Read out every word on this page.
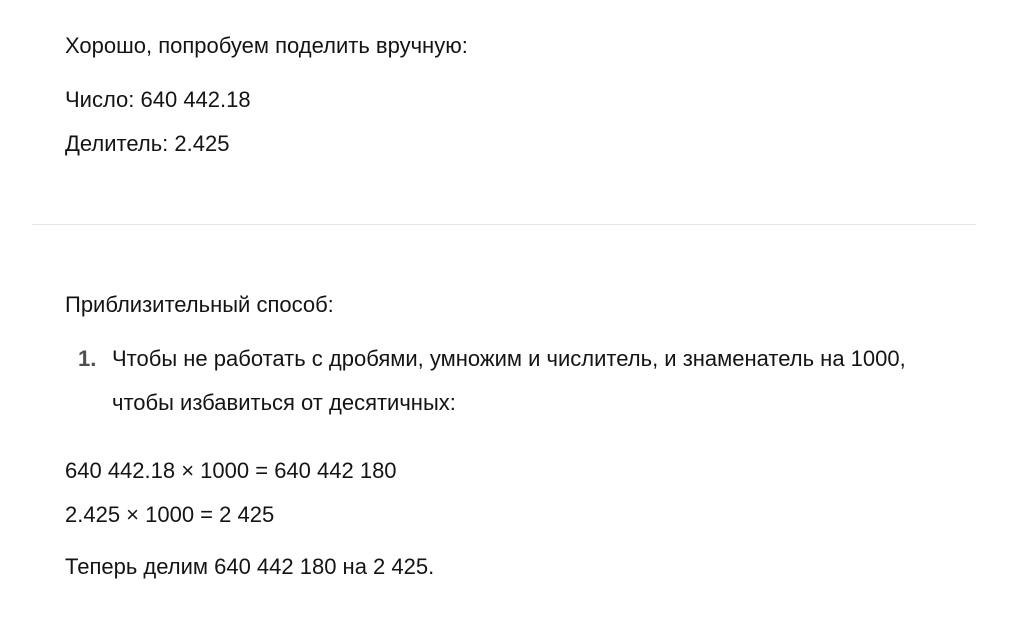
Хорошо, попробуем поделить вручную:

Число: 640 442.18
Делитель: 2.425

Приблизительный способ:

1. Чтобы не работать с дробями, умножим и числитель, и знаменатель на 1000,
чтобы избавиться от десятичных:

640 442.18 × 1000 = 640 442 180
2.425 × 1000 = 2 425

Теперь делим 640 442 180 на 2 425.
